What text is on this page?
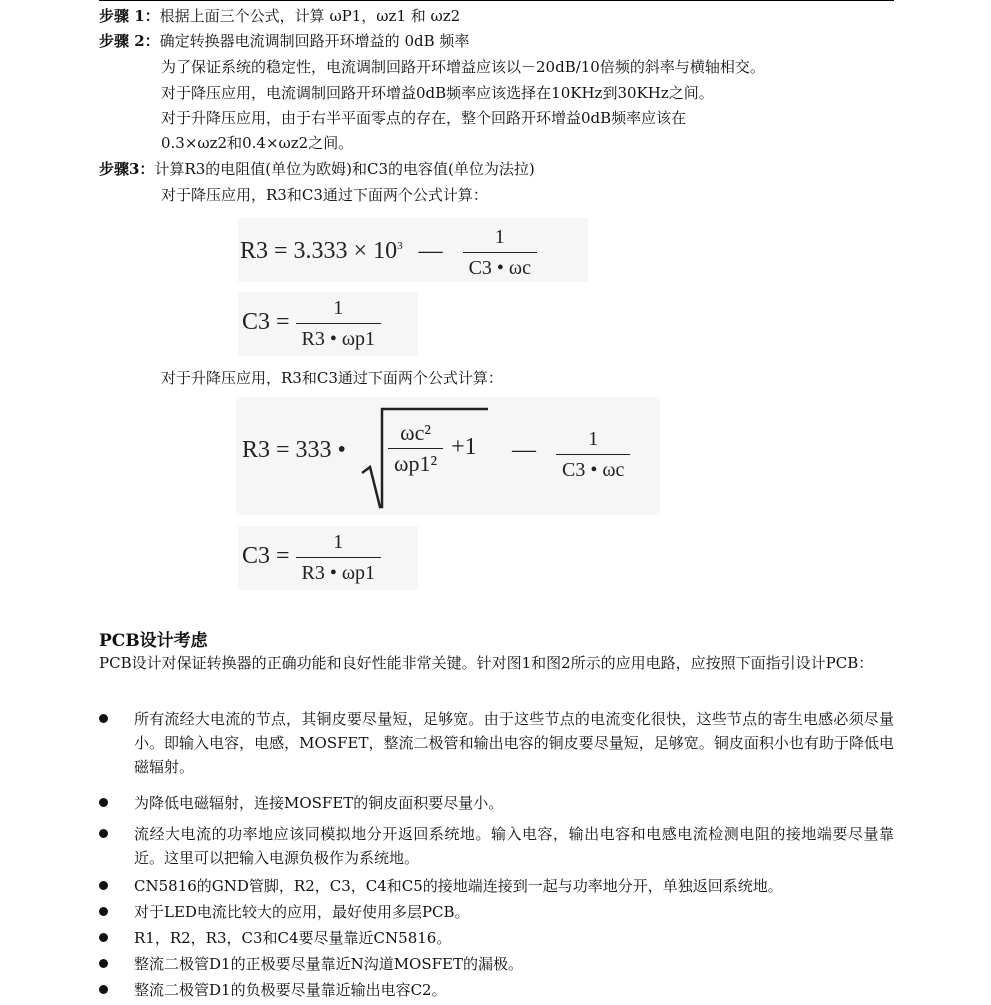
步骤 1：根据上面三个公式，计算 ωP1，ωz1 和 ωz2
步骤 2：确定转换器电流调制回路开环增益的 0dB 频率
为了保证系统的稳定性，电流调制回路开环增益应该以－20dB/10倍频的斜率与横轴相交。
对于降压应用，电流调制回路开环增益0dB频率应该选择在10KHz到30KHz之间。
对于升降压应用，由于右半平面零点的存在，整个回路开环增益0dB频率应该在
0.3×ωz2和0.4×ωz2之间。
步骤3：计算R3的电阻值(单位为欧姆)和C3的电容值(单位为法拉)
对于降压应用，R3和C3通过下面两个公式计算：
$R3 = 3.333 \times 10^3$ — $\frac{1}{C3 • \omega c}$
$C3 = \frac{1}{R3 • \omega p1}$
对于升降压应用，R3和C3通过下面两个公式计算：
R3 = 333 • $\frac{\text{ωc²}}{\text{ωp1²}} +1$ — $\frac{1}{C3 • \omega c}$
$C3 = \frac{1}{R3 • \omega p1}$
PCB设计考虑
PCB设计对保证转换器的正确功能和良好性能非常关键。针对图1和图2所示的应用电路，应按照下面指引设计PCB：
所有流经大电流的节点，其铜皮要尽量短，足够宽。由于这些节点的电流变化很快，这些节点的寄生电感必须尽量小。即输入电容，电感，MOSFET，整流二极管和输出电容的铜皮要尽量短，足够宽。铜皮面积小也有助于降低电磁辐射。
为降低电磁辐射，连接MOSFET的铜皮面积要尽量小。
流经大电流的功率地应该同模拟地分开返回系统地。输入电容，输出电容和电感电流检测电阻的接地端要尽量靠近。这里可以把输入电源负极作为系统地。
CN5816的GND管脚，R2，C3，C4和C5的接地端连接到一起与功率地分开，单独返回系统地。
对于LED电流比较大的应用，最好使用多层PCB。
R1，R2，R3，C3和C4要尽量靠近CN5816。
整流二极管D1的正极要尽量靠近N沟道MOSFET的漏极。
整流二极管D1的负极要尽量靠近输出电容C2。
